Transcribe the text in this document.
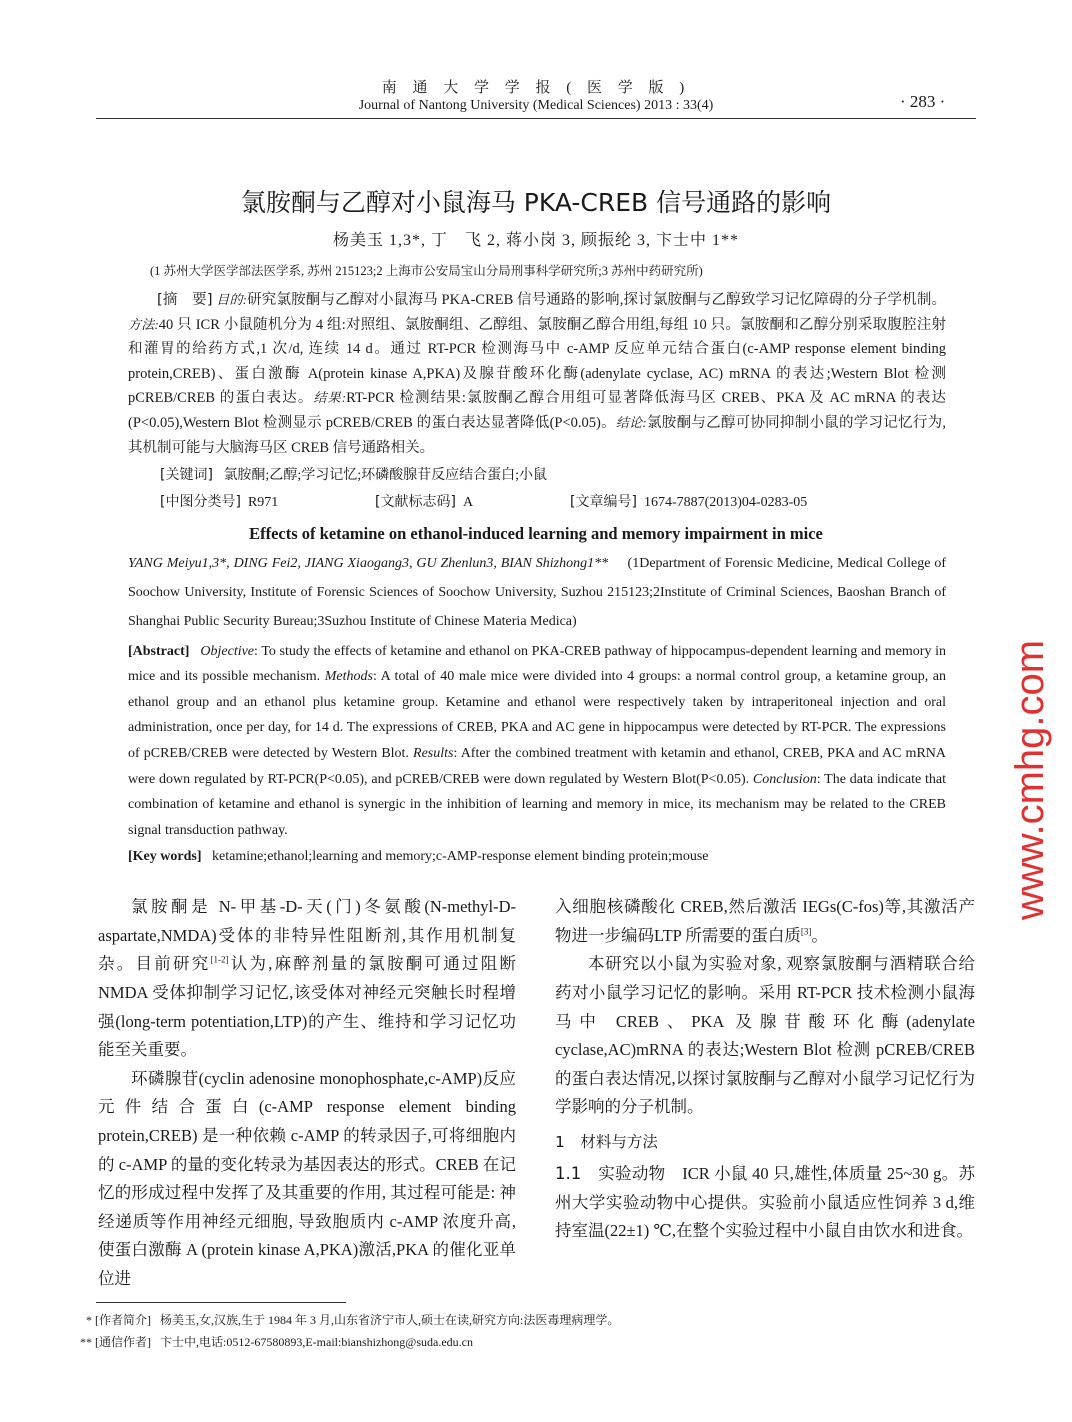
南 通 大 学 学 报 ( 医 学 版 )
Journal of Nantong University (Medical Sciences) 2013 : 33(4)	· 283 ·
氯胺酮与乙醇对小鼠海马 PKA-CREB 信号通路的影响
杨美玉 1,3*, 丁　飞 2, 蒋小岗 3, 顾振纶 3, 卞士中 1**
(1 苏州大学医学部法医学系, 苏州 215123;2 上海市公安局宝山分局刑事科学研究所;3 苏州中药研究所)
[摘　要] 目的:研究氯胺酮与乙醇对小鼠海马 PKA-CREB 信号通路的影响,探讨氯胺酮与乙醇致学习记忆障碍的分子学机制。方法:40 只 ICR 小鼠随机分为 4 组:对照组、氯胺酮组、乙醇组、氯胺酮乙醇合用组,每组 10 只。氯胺酮和乙醇分别采取腹腔注射和灌胃的给药方式,1 次/d, 连续 14 d。通过 RT-PCR 检测海马中 c-AMP 反应单元结合蛋白(c-AMP response element binding protein,CREB)、蛋白激酶 A(protein kinase A,PKA)及腺苷酸环化酶(adenylate cyclase, AC) mRNA 的表达;Western Blot 检测 pCREB/CREB 的蛋白表达。结果:RT-PCR 检测结果:氯胺酮乙醇合用组可显著降低海马区 CREB、PKA 及 AC mRNA 的表达(P<0.05),Western Blot 检测显示 pCREB/CREB 的蛋白表达显著降低(P<0.05)。结论:氯胺酮与乙醇可协同抑制小鼠的学习记忆行为,其机制可能与大脑海马区 CREB 信号通路相关。
[关键词] 氯胺酮;乙醇;学习记忆;环磷酸腺苷反应结合蛋白;小鼠
[中图分类号] R971	[文献标志码] A	[文章编号] 1674-7887(2013)04-0283-05
Effects of ketamine on ethanol-induced learning and memory impairment in mice
YANG Meiyu1,3*, DING Fei2, JIANG Xiaogang3, GU Zhenlun3, BIAN Shizhong1** (1Department of Forensic Medicine, Medical College of Soochow University, Institute of Forensic Sciences of Soochow University, Suzhou 215123;2Institute of Criminal Sciences, Baoshan Branch of Shanghai Public Security Bureau;3Suzhou Institute of Chinese Materia Medica)
[Abstract] Objective: To study the effects of ketamine and ethanol on PKA-CREB pathway of hippocampus-dependent learning and memory in mice and its possible mechanism. Methods: A total of 40 male mice were divided into 4 groups: a normal control group, a ketamine group, an ethanol group and an ethanol plus ketamine group. Ketamine and ethanol were respectively taken by intraperitoneal injection and oral administration, once per day, for 14 d. The expressions of CREB, PKA and AC gene in hippocampus were detected by RT-PCR. The expressions of pCREB/CREB were detected by Western Blot. Results: After the combined treatment with ketamin and ethanol, CREB, PKA and AC mRNA were down regulated by RT-PCR(P<0.05), and pCREB/CREB were down regulated by Western Blot(P<0.05). Conclusion: The data indicate that combination of ketamine and ethanol is synergic in the inhibition of learning and memory in mice, its mechanism may be related to the CREB signal transduction pathway.
[Key words] ketamine;ethanol;learning and memory;c-AMP-response element binding protein;mouse

氯胺酮是 N-甲基-D-天(门)冬氨酸(N-methyl-D-aspartate,NMDA)受体的非特异性阻断剂,其作用机制复杂。目前研究[1-2]认为,麻醉剂量的氯胺酮可通过阻断 NMDA 受体抑制学习记忆,该受体对神经元突触长时程增强(long-term potentiation,LTP)的产生、维持和学习记忆功能至关重要。

环磷腺苷(cyclin adenosine monophosphate,c-AMP)反应元件结合蛋白(c-AMP response element binding protein,CREB) 是一种依赖 c-AMP 的转录因子,可将细胞内的 c-AMP 的量的变化转录为基因表达的形式。CREB 在记忆的形成过程中发挥了及其重要的作用, 其过程可能是: 神经递质等作用神经元细胞, 导致胞质内 c-AMP 浓度升高, 使蛋白激酶 A (protein kinase A,PKA)激活,PKA 的催化亚单位进

入细胞核磷酸化 CREB,然后激活 IEGs(C-fos)等,其激活产物进一步编码LTP 所需要的蛋白质[3]。

本研究以小鼠为实验对象, 观察氯胺酮与酒精联合给药对小鼠学习记忆的影响。采用 RT-PCR 技术检测小鼠海马中 CREB、PKA 及腺苷酸环化酶(adenylate cyclase,AC)mRNA 的表达;Western Blot 检测 pCREB/CREB 的蛋白表达情况,以探讨氯胺酮与乙醇对小鼠学习记忆行为学影响的分子机制。

1　材料与方法

1.1　实验动物　ICR 小鼠 40 只,雄性,体质量 25~30 g。苏州大学实验动物中心提供。实验前小鼠适应性饲养 3 d,维持室温(22±1) ℃,在整个实验过程中小鼠自由饮水和进食。

* [作者简介] 杨美玉,女,汉族,生于 1984 年 3 月,山东省济宁市人,硕士在读,研究方向:法医毒理病理学。
** [通信作者] 卞士中,电话:0512-67580893,E-mail:bianshizhong@suda.edu.cn
www.cmhg.com
